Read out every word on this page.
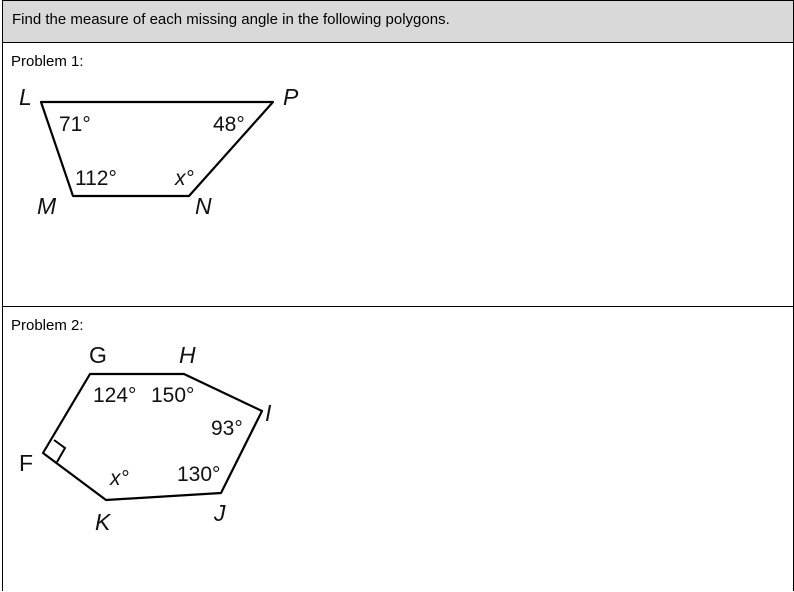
Find the measure of each missing angle in the following polygons.
Problem 1:
L	P
M	N
71°	48°
112°	x°
Problem 2:
G	H
I
J
K
F
124° 150°
93°
130°
x°
